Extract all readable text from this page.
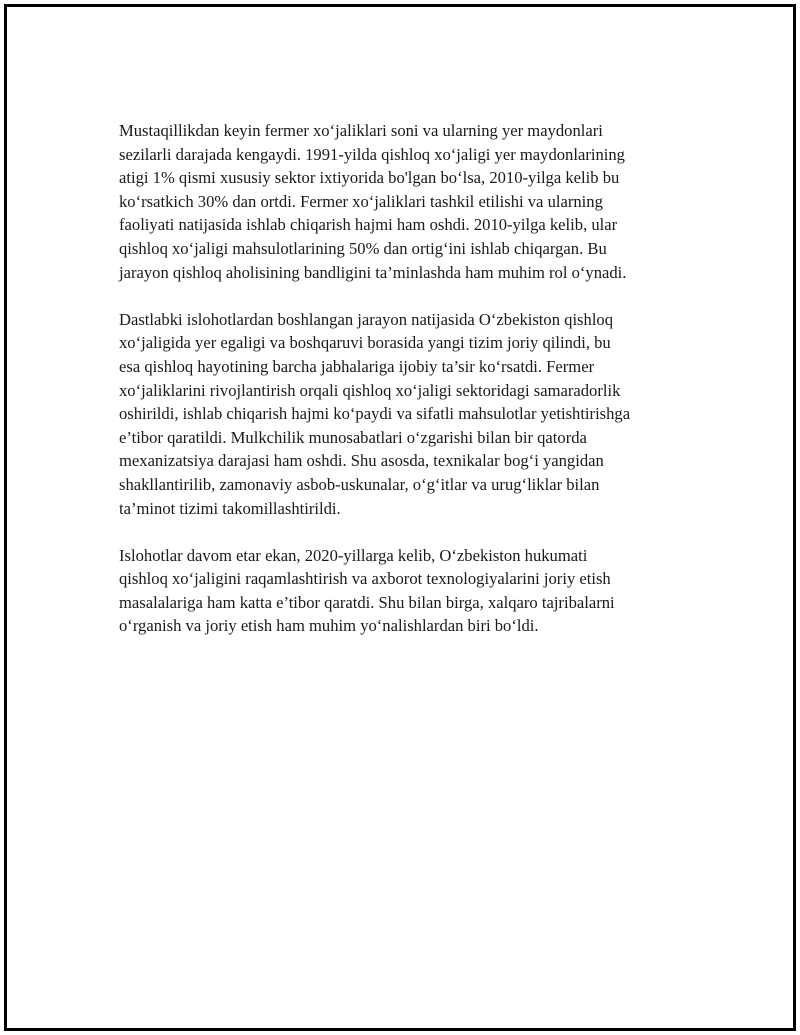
Mustaqillikdan keyin fermer xo‘jaliklari soni va ularning yer maydonlari
sezilarli darajada kengaydi. 1991-yilda qishloq xo‘jaligi yer maydonlarining
atigi 1% qismi xususiy sektor ixtiyorida bo'lgan bo‘lsa, 2010-yilga kelib bu
ko‘rsatkich 30% dan ortdi. Fermer xo‘jaliklari tashkil etilishi va ularning
faoliyati natijasida ishlab chiqarish hajmi ham oshdi. 2010-yilga kelib, ular
qishloq xo‘jaligi mahsulotlarining 50% dan ortig‘ini ishlab chiqargan. Bu
jarayon qishloq aholisining bandligini ta’minlashda ham muhim rol o‘ynadi.

Dastlabki islohotlardan boshlangan jarayon natijasida O‘zbekiston qishloq
xo‘jaligida yer egaligi va boshqaruvi borasida yangi tizim joriy qilindi, bu
esa qishloq hayotining barcha jabhalariga ijobiy ta’sir ko‘rsatdi. Fermer
xo‘jaliklarini rivojlantirish orqali qishloq xo‘jaligi sektoridagi samaradorlik
oshirildi, ishlab chiqarish hajmi ko‘paydi va sifatli mahsulotlar yetishtirishga
e’tibor qaratildi. Mulkchilik munosabatlari o‘zgarishi bilan bir qatorda
mexanizatsiya darajasi ham oshdi. Shu asosda, texnikalar bog‘i yangidan
shakllantirilib, zamonaviy asbob-uskunalar, o‘g‘itlar va urug‘liklar bilan
ta’minot tizimi takomillashtirildi.

Islohotlar davom etar ekan, 2020-yillarga kelib, O‘zbekiston hukumati
qishloq xo‘jaligini raqamlashtirish va axborot texnologiyalarini joriy etish
masalalariga ham katta e’tibor qaratdi. Shu bilan birga, xalqaro tajribalarni
o‘rganish va joriy etish ham muhim yo‘nalishlardan biri bo‘ldi.
